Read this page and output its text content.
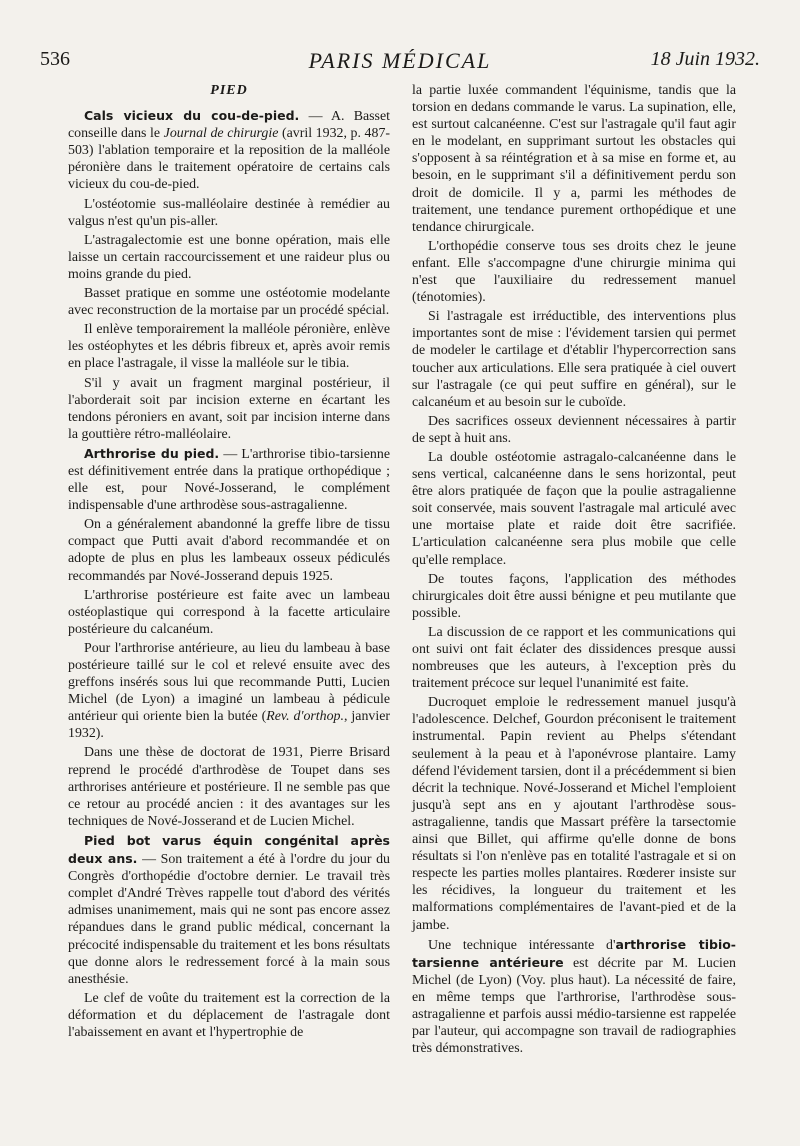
536	PARIS MÉDICAL	18 Juin 1932.
PIED

Cals vicieux du cou-de-pied. — A. Basset conseille dans le Journal de chirurgie (avril 1932, p. 487-503) l'ablation temporaire et la reposition de la malléole péronière dans le traitement opératoire de certains cals vicieux du cou-de-pied.

L'ostéotomie sus-malléolaire destinée à remédier au valgus n'est qu'un pis-aller.

L'astragalectomie est une bonne opération, mais elle laisse un certain raccourcissement et une raideur plus ou moins grande du pied.

Basset pratique en somme une ostéotomie modelante avec reconstruction de la mortaise par un procédé spécial.

Il enlève temporairement la malléole péronière, enlève les ostéophytes et les débris fibreux et, après avoir remis en place l'astragale, il visse la malléole sur le tibia.

S'il y avait un fragment marginal postérieur, il l'aborderait soit par incision externe en écartant les tendons péroniers en avant, soit par incision interne dans la gouttière rétro-malléolaire.

Arthrorise du pied. — L'arthrorise tibio-tarsienne est définitivement entrée dans la pratique orthopédique ; elle est, pour Nové-Josserand, le complément indispensable d'une arthrodèse sous-astragalienne.

On a généralement abandonné la greffe libre de tissu compact que Putti avait d'abord recommandée et on adopte de plus en plus les lambeaux osseux pédiculés recommandés par Nové-Josserand depuis 1925.

L'arthrorise postérieure est faite avec un lambeau ostéoplastique qui correspond à la facette articulaire postérieure du calcanéum.

Pour l'arthrorise antérieure, au lieu du lambeau à base postérieure taillé sur le col et relevé ensuite avec des greffons insérés sous lui que recommande Putti, Lucien Michel (de Lyon) a imaginé un lambeau à pédicule antérieur qui oriente bien la butée (Rev. d'orthop., janvier 1932).

Dans une thèse de doctorat de 1931, Pierre Brisard reprend le procédé d'arthrodèse de Toupet dans ses arthrorises antérieure et postérieure. Il ne semble pas que ce retour au procédé ancien : it des avantages sur les techniques de Nové-Josserand et de Lucien Michel.

Pied bot varus équin congénital après deux ans. — Son traitement a été à l'ordre du jour du Congrès d'orthopédie d'octobre dernier. Le travail très complet d'André Trèves rappelle tout d'abord des vérités admises unanimement, mais qui ne sont pas encore assez répandues dans le grand public médical, concernant la précocité indispensable du traitement et les bons résultats que donne alors le redressement forcé à la main sous anesthésie.

Le clef de voûte du traitement est la correction de la déformation et du déplacement de l'astragale dont l'abaissement en avant et l'hypertrophie de

la partie luxée commandent l'équinisme, tandis que la torsion en dedans commande le varus. La supination, elle, est surtout calcanéenne. C'est sur l'astragale qu'il faut agir en le modelant, en supprimant surtout les obstacles qui s'opposent à sa réintégration et à sa mise en forme et, au besoin, en le supprimant s'il a définitivement perdu son droit de domicile. Il y a, parmi les méthodes de traitement, une tendance purement orthopédique et une tendance chirurgicale.

L'orthopédie conserve tous ses droits chez le jeune enfant. Elle s'accompagne d'une chirurgie minima qui n'est que l'auxiliaire du redressement manuel (ténotomies).

Si l'astragale est irréductible, des interventions plus importantes sont de mise : l'évidement tarsien qui permet de modeler le cartilage et d'établir l'hypercorrection sans toucher aux articulations. Elle sera pratiquée à ciel ouvert sur l'astragale (ce qui peut suffire en général), sur le calcanéum et au besoin sur le cuboïde.

Des sacrifices osseux deviennent nécessaires à partir de sept à huit ans.

La double ostéotomie astragalo-calcanéenne dans le sens vertical, calcanéenne dans le sens horizontal, peut être alors pratiquée de façon que la poulie astragalienne soit conservée, mais souvent l'astragale mal articulé avec une mortaise plate et raide doit être sacrifiée. L'articulation calcanéenne sera plus mobile que celle qu'elle remplace.

De toutes façons, l'application des méthodes chirurgicales doit être aussi bénigne et peu mutilante que possible.

La discussion de ce rapport et les communications qui ont suivi ont fait éclater des dissidences presque aussi nombreuses que les auteurs, à l'exception près du traitement précoce sur lequel l'unanimité est faite.

Ducroquet emploie le redressement manuel jusqu'à l'adolescence. Delchef, Gourdon préconisent le traitement instrumental. Papin revient au Phelps s'étendant seulement à la peau et à l'aponévrose plantaire. Lamy défend l'évidement tarsien, dont il a précédemment si bien décrit la technique. Nové-Josserand et Michel l'emploient jusqu'à sept ans en y ajoutant l'arthrodèse sous-astragalienne, tandis que Massart préfère la tarsectomie ainsi que Billet, qui affirme qu'elle donne de bons résultats si l'on n'enlève pas en totalité l'astragale et si on respecte les parties molles plantaires. Rœderer insiste sur les récidives, la longueur du traitement et les malformations complémentaires de l'avant-pied et de la jambe.

Une technique intéressante d'arthrorise tibio-tarsienne antérieure est décrite par M. Lucien Michel (de Lyon) (Voy. plus haut). La nécessité de faire, en même temps que l'arthrorise, l'arthrodèse sous-astragalienne et parfois aussi médio-tarsienne est rappelée par l'auteur, qui accompagne son travail de radiographies très démonstratives.
